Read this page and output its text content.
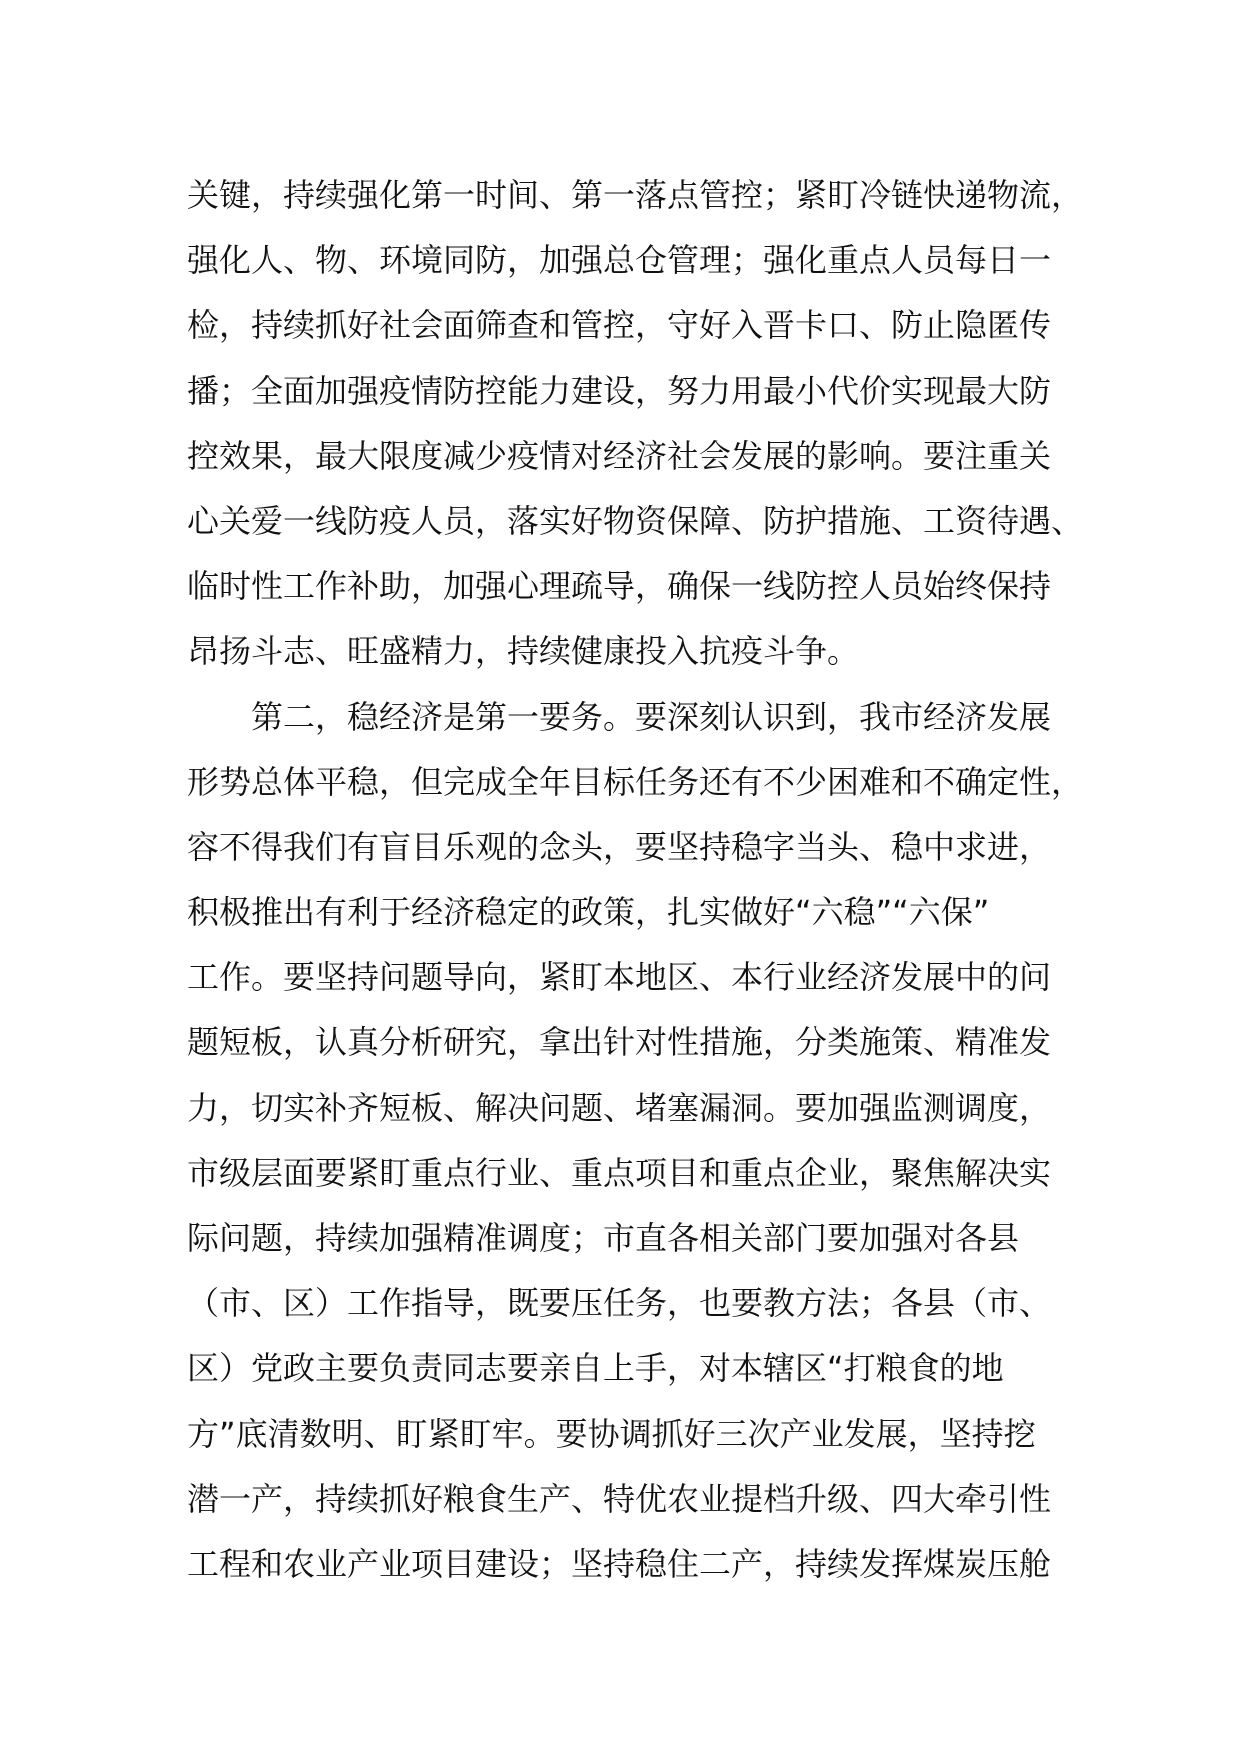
关键，持续强化第一时间、第一落点管控；紧盯冷链快递物流，
强化人、物、环境同防，加强总仓管理；强化重点人员每日一
检，持续抓好社会面筛查和管控，守好入晋卡口、防止隐匿传
播；全面加强疫情防控能力建设，努力用最小代价实现最大防
控效果，最大限度减少疫情对经济社会发展的影响。要注重关
心关爱一线防疫人员，落实好物资保障、防护措施、工资待遇、
临时性工作补助，加强心理疏导，确保一线防控人员始终保持
昂扬斗志、旺盛精力，持续健康投入抗疫斗争。
第二，稳经济是第一要务。要深刻认识到，我市经济发展
形势总体平稳，但完成全年目标任务还有不少困难和不确定性，
容不得我们有盲目乐观的念头，要坚持稳字当头、稳中求进，
积极推出有利于经济稳定的政策，扎实做好“六稳”“六保”
工作。要坚持问题导向，紧盯本地区、本行业经济发展中的问
题短板，认真分析研究，拿出针对性措施，分类施策、精准发
力，切实补齐短板、解决问题、堵塞漏洞。要加强监测调度，
市级层面要紧盯重点行业、重点项目和重点企业，聚焦解决实
际问题，持续加强精准调度；市直各相关部门要加强对各县
（市、区）工作指导，既要压任务，也要教方法；各县（市、
区）党政主要负责同志要亲自上手，对本辖区“打粮食的地
方”底清数明、盯紧盯牢。要协调抓好三次产业发展，坚持挖
潜一产，持续抓好粮食生产、特优农业提档升级、四大牵引性
工程和农业产业项目建设；坚持稳住二产，持续发挥煤炭压舱
